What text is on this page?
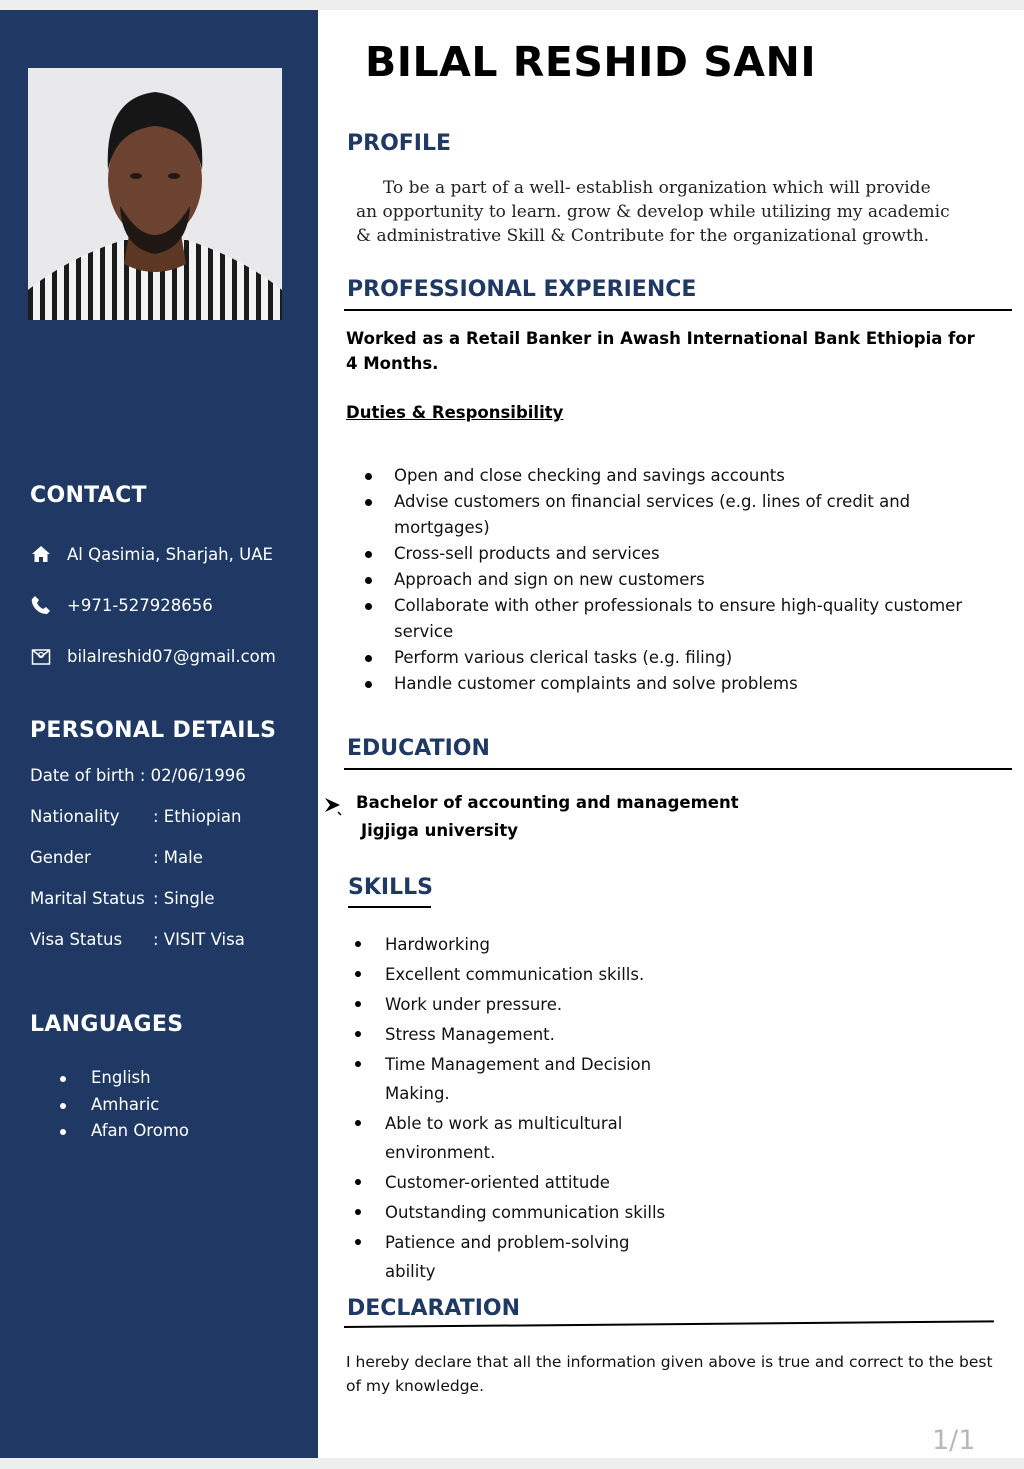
CONTACT
Al Qasimia, Sharjah, UAE
+971-527928656
bilalreshid07@gmail.com
PERSONAL DETAILS
Date of birth : 02/06/1996
Nationality : Ethiopian
Gender	: Male
Marital Status : Single
Visa Status : VISIT Visa
LANGUAGES
English
Amharic
Afan Oromo
BILAL RESHID SANI
PROFILE

To be a part of a well- establish organization which will provide an opportunity to learn. grow & develop while utilizing my academic & administrative Skill & Contribute for the organizational growth.

PROFESSIONAL EXPERIENCE

Worked as a Retail Banker in Awash International Bank Ethiopia for 4 Months.

Duties & Responsibility

Open and close checking and savings accounts
Advise customers on financial services (e.g. lines of credit and mortgages)
Cross-sell products and services
Approach and sign on new customers
Collaborate with other professionals to ensure high-quality customer service
Perform various clerical tasks (e.g. filing)
Handle customer complaints and solve problems
EDUCATION

Bachelor of accounting and management

Jigjiga university

SKILLS
Hardworking
Excellent communication skills.
Work under pressure.
Stress Management.
Time Management and Decision Making.
Able to work as multicultural environment.
Customer-oriented attitude
Outstanding communication skills
Patience and problem-solving ability
DECLARATION

I hereby declare that all the information given above is true and correct to the best of my knowledge.

1/1
